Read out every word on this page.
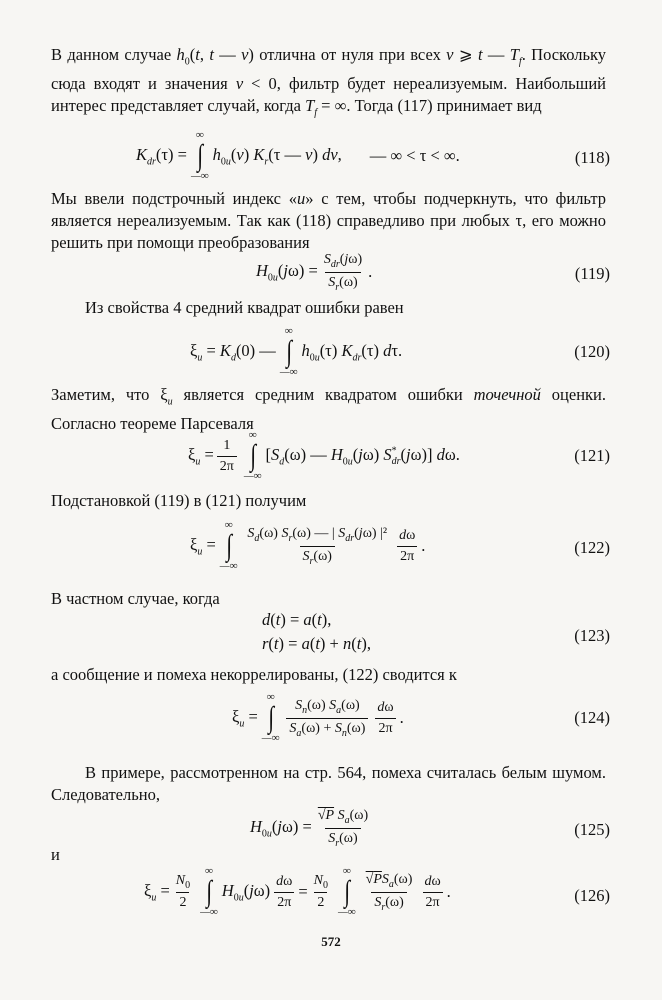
В данном случае $h_0(t$, t — v) отлична от нуля при всех v ⩾ t — $T_f$. Поскольку сюда входят и значения v < 0, фильтр будет нереализуемым. Наибольший интерес представляет случай, когда $T_f$ = ∞. Тогда (117) принимает вид

$K_{dr}(\tau)$ =
∞
∫
—∞
$h_{0u}(v)$ $K_r(\tau$ — v) dv, — ∞ < τ < ∞.	(118)

Мы ввели подстрочный индекс «u» с тем, чтобы подчеркнуть, что фильтр является нереализуемым. Так как (118) справедливо при любых τ, его можно решить при помощи преобразования

$H_{0u}(j\omega) = \frac{S_{dr}(j\omega)}{S_r(\omega)}$ .	(119)

Из свойства 4 средний квадрат ошибки равен

$\xi_u = K_d(0)$ —
∞
∫
—∞
$h_{0u}(\tau)$ $K_{dr}(\tau)$ dτ.	(120)

Заметим, что $\xi_u$ является средним квадратом ошибки точечной оценки. Согласно теореме Парсеваля

$\xi_u = \frac{1}{2\pi}$
∞
∫
—∞
[$S_d(\omega)$ — $H_{0u}(j\omega)$ $S^*_{dr}(j\omega)$] dω.	(121)

Подстановкой (119) в (121) получим

$\xi_u$ =
∞
∫
—∞ $\frac{S_d(\omega) S_r(\omega) — | S_{dr}(j\omega) |^2}{S_r(\omega)} \frac{d\omega}{2\pi}$ .	(122)

В частном случае, когда

d(t) = a(t),
r(t) = a(t) + n(t),	(123)

а сообщение и помеха некоррелированы, (122) сводится к

$\xi_u$ =
∞
∫
—∞ $\frac{S_n(\omega) S_a(\omega)}{S_a(\omega) + S_n(\omega)} \frac{d\omega}{2\pi}$ .	(124)

В примере, рассмотренном на стр. 564, помеха считалась белым шумом. Следовательно,

$H_{0u}(j\omega) = \frac{√P S_a(\omega)}{S_r(\omega)}$	(125)

и

$\xi_u = \frac{N_0}{2}$
∞
∫
—∞
$H_{0u}(j\omega) \frac{d\omega}{2\pi} = \frac{N_0}{2}$
∞
∫
—∞ $\frac{√PS_a(\omega)}{S_r(\omega)} \frac{d\omega}{2\pi}$ .	(126)
572
